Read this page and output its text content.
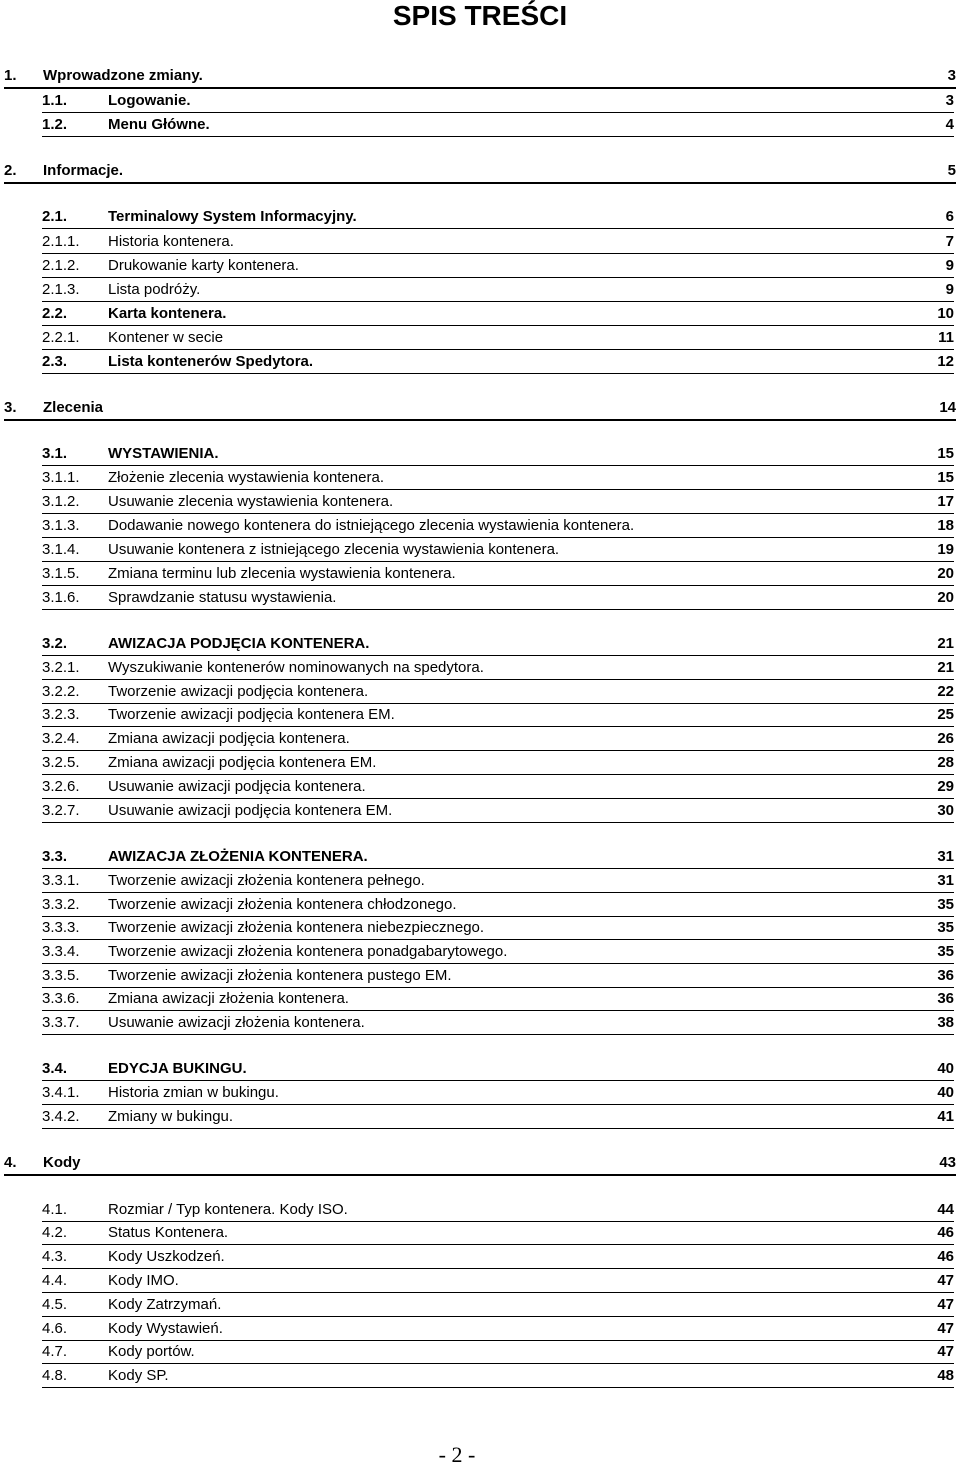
SPIS TREŚCI
1. Wprowadzone zmiany.	3
1.1.	Logowanie.	3
1.2.	Menu Główne.	4
2. Informacje.	5
2.1.	Terminalowy System Informacyjny.	6
2.1.1. Historia kontenera.	7
2.1.2. Drukowanie karty kontenera.	9
2.1.3. Lista podróży.	9
2.2.	Karta kontenera.	10
2.2.1. Kontener w secie	11
2.3.	Lista kontenerów Spedytora.	12
3. Zlecenia	14
3.1.	WYSTAWIENIA.	15
3.1.1. Złożenie zlecenia wystawienia kontenera.	15
3.1.2. Usuwanie zlecenia wystawienia kontenera.	17
3.1.3. Dodawanie nowego kontenera do istniejącego zlecenia wystawienia kontenera.	18
3.1.4. Usuwanie kontenera z istniejącego zlecenia wystawienia kontenera.	19
3.1.5. Zmiana terminu lub zlecenia wystawienia kontenera.	20
3.1.6. Sprawdzanie statusu wystawienia.	20
3.2.	AWIZACJA PODJĘCIA KONTENERA.	21
3.2.1. Wyszukiwanie kontenerów nominowanych na spedytora.	21
3.2.2. Tworzenie awizacji podjęcia kontenera.	22
3.2.3. Tworzenie awizacji podjęcia kontenera EM.	25
3.2.4. Zmiana awizacji podjęcia kontenera.	26
3.2.5. Zmiana awizacji podjęcia kontenera EM.	28
3.2.6. Usuwanie awizacji podjęcia kontenera.	29
3.2.7. Usuwanie awizacji podjęcia kontenera EM.	30
3.3.	AWIZACJA ZŁOŻENIA KONTENERA.	31
3.3.1. Tworzenie awizacji złożenia kontenera pełnego.	31
3.3.2. Tworzenie awizacji złożenia kontenera chłodzonego.	35
3.3.3. Tworzenie awizacji złożenia kontenera niebezpiecznego.	35
3.3.4. Tworzenie awizacji złożenia kontenera ponadgabarytowego.	35
3.3.5. Tworzenie awizacji złożenia kontenera pustego EM.	36
3.3.6. Zmiana awizacji złożenia kontenera.	36
3.3.7. Usuwanie awizacji złożenia kontenera.	38
3.4.	EDYCJA BUKINGU.	40
3.4.1. Historia zmian w bukingu.	40
3.4.2. Zmiany w bukingu.	41
4. Kody	43
4.1.	Rozmiar / Typ kontenera. Kody ISO.	44
4.2.	Status Kontenera.	46
4.3.	Kody Uszkodzeń.	46
4.4.	Kody IMO.	47
4.5.	Kody Zatrzymań.	47
4.6.	Kody Wystawień.	47
4.7.	Kody portów.	47
4.8.	Kody SP.	48
- 2 -
